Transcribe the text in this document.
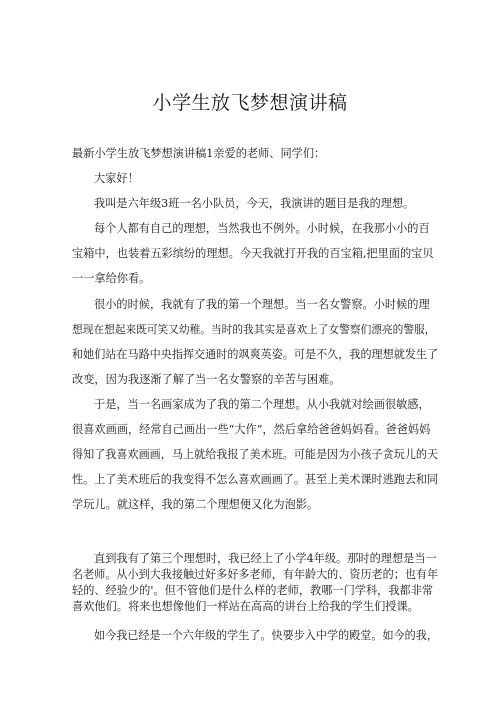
小学生放飞梦想演讲稿
最新小学生放飞梦想演讲稿1亲爱的老师、同学们：
大家好！
我叫是六年级3班一名小队员，今天，我演讲的题目是我的理想。
每个人都有自己的理想，当然我也不例外。小时候，在我那小小的百
宝箱中，也装着五彩缤纷的理想。今天我就打开我的百宝箱,把里面的宝贝
一一拿给你看。
很小的时候，我就有了我的第一个理想。当一名女警察。小时候的理
想现在想起来既可笑又幼稚。当时的我其实是喜欢上了女警察们漂亮的警服，
和她们站在马路中央指挥交通时的飒爽英姿。可是不久，我的理想就发生了
改变，因为我逐渐了解了当一名女警察的辛苦与困难。
于是，当一名画家成为了我的第二个理想。从小我就对绘画很敏感，
很喜欢画画，经常自己画出一些“大作”，然后拿给爸爸妈妈看。爸爸妈妈
得知了我喜欢画画，马上就给我报了美术班。可能是因为小孩子贪玩儿的天
性。上了美术班后的我变得不怎么喜欢画画了。甚至上美术课时逃跑去和同
学玩儿。就这样，我的第二个理想便又化为泡影。
直到我有了第三个理想时，我已经上了小学4年级。那时的理想是当一
名老师。从小到大我接触过好多好多老师，有年龄大的、资历老的；也有年
轻的、经验少的'。但不管他们是什么样的老师，教哪一门学科，我都非常
喜欢他们。将来也想像他们一样站在高高的讲台上给我的学生们授课。
如今我已经是一个六年级的学生了。快要步入中学的殿堂。如今的我，
